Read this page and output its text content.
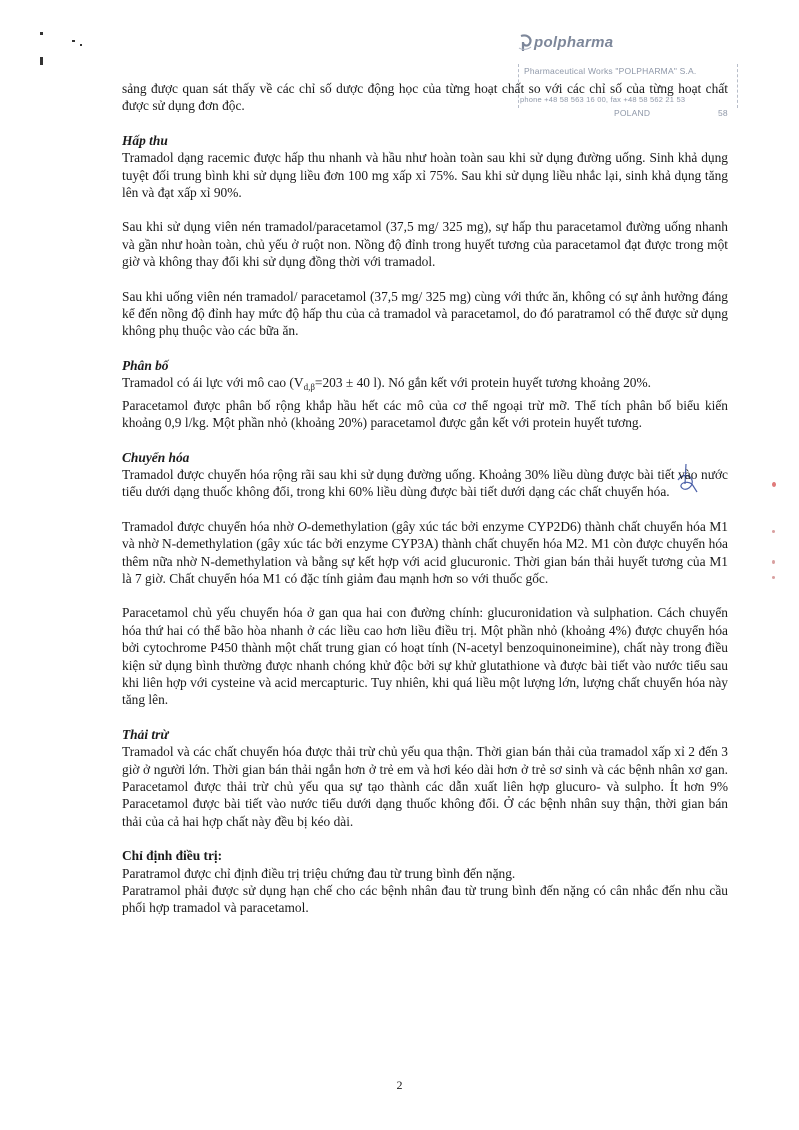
polpharma
Pharmaceutical Works "POLPHARMA" S.A.
phone +48 58 563 16 00, fax +48 58 562 21 53
POLAND	58

sảng được quan sát thấy về các chỉ số dược động học của từng hoạt chất so với các chỉ số của từng hoạt chất được sử dụng đơn độc.

Hấp thu

Tramadol dạng racemic được hấp thu nhanh và hầu như hoàn toàn sau khi sử dụng đường uống. Sinh khả dụng tuyệt đối trung bình khi sử dụng liều đơn 100 mg xấp xỉ 75%. Sau khi sử dụng liều nhắc lại, sinh khả dụng tăng lên và đạt xấp xỉ 90%.

Sau khi sử dụng viên nén tramadol/paracetamol (37,5 mg/ 325 mg), sự hấp thu paracetamol đường uống nhanh và gần như hoàn toàn, chủ yếu ở ruột non. Nồng độ đỉnh trong huyết tương của paracetamol đạt được trong một giờ và không thay đổi khi sử dụng đồng thời với tramadol.

Sau khi uống viên nén tramadol/ paracetamol (37,5 mg/ 325 mg) cùng với thức ăn, không có sự ảnh hưởng đáng kể đến nồng độ đỉnh hay mức độ hấp thu của cả tramadol và paracetamol, do đó paratramol có thể được sử dụng không phụ thuộc vào các bữa ăn.

Phân bố

Tramadol có ái lực với mô cao ($V_{d,\beta}=203 \pm 40$ l). Nó gắn kết với protein huyết tương khoảng 20%.

Paracetamol được phân bố rộng khắp hầu hết các mô của cơ thể ngoại trừ mỡ. Thể tích phân bố biểu kiến khoảng 0,9 l/kg. Một phần nhỏ (khoảng 20%) paracetamol được gắn kết với protein huyết tương.

Chuyển hóa

Tramadol được chuyển hóa rộng rãi sau khi sử dụng đường uống. Khoảng 30% liều dùng được bài tiết vào nước tiểu dưới dạng thuốc không đổi, trong khi 60% liều dùng được bài tiết dưới dạng các chất chuyển hóa.

Tramadol được chuyển hóa nhờ O-demethylation (gây xúc tác bởi enzyme CYP2D6) thành chất chuyển hóa M1 và nhờ N-demethylation (gây xúc tác bởi enzyme CYP3A) thành chất chuyển hóa M2. M1 còn được chuyển hóa thêm nữa nhờ N-demethylation và bằng sự kết hợp với acid glucuronic. Thời gian bán thải huyết tương của M1 là 7 giờ. Chất chuyển hóa M1 có đặc tính giảm đau mạnh hơn so với thuốc gốc.

Paracetamol chủ yếu chuyển hóa ở gan qua hai con đường chính: glucuronidation và sulphation. Cách chuyển hóa thứ hai có thể bão hòa nhanh ở các liều cao hơn liều điều trị. Một phần nhỏ (khoảng 4%) được chuyển hóa bởi cytochrome P450 thành một chất trung gian có hoạt tính (N-acetyl benzoquinoneimine), chất này trong điều kiện sử dụng bình thường được nhanh chóng khử độc bởi sự khử glutathione và được bài tiết vào nước tiểu sau khi liên hợp với cysteine và acid mercapturic. Tuy nhiên, khi quá liều một lượng lớn, lượng chất chuyển hóa này tăng lên.

Thải trừ

Tramadol và các chất chuyển hóa được thải trừ chủ yếu qua thận. Thời gian bán thải của tramadol xấp xỉ 2 đến 3 giờ ở người lớn. Thời gian bán thải ngắn hơn ở trẻ em và hơi kéo dài hơn ở trẻ sơ sinh và các bệnh nhân xơ gan. Paracetamol được thải trừ chủ yếu qua sự tạo thành các dẫn xuất liên hợp glucuro- và sulpho. Ít hơn 9% Paracetamol được bài tiết vào nước tiểu dưới dạng thuốc không đổi. Ở các bệnh nhân suy thận, thời gian bán thải của cả hai hợp chất này đều bị kéo dài.

Chỉ định điều trị:

Paratramol được chỉ định điều trị triệu chứng đau từ trung bình đến nặng.

Paratramol phải được sử dụng hạn chế cho các bệnh nhân đau từ trung bình đến nặng có cân nhắc đến nhu cầu phối hợp tramadol và paracetamol.

2
